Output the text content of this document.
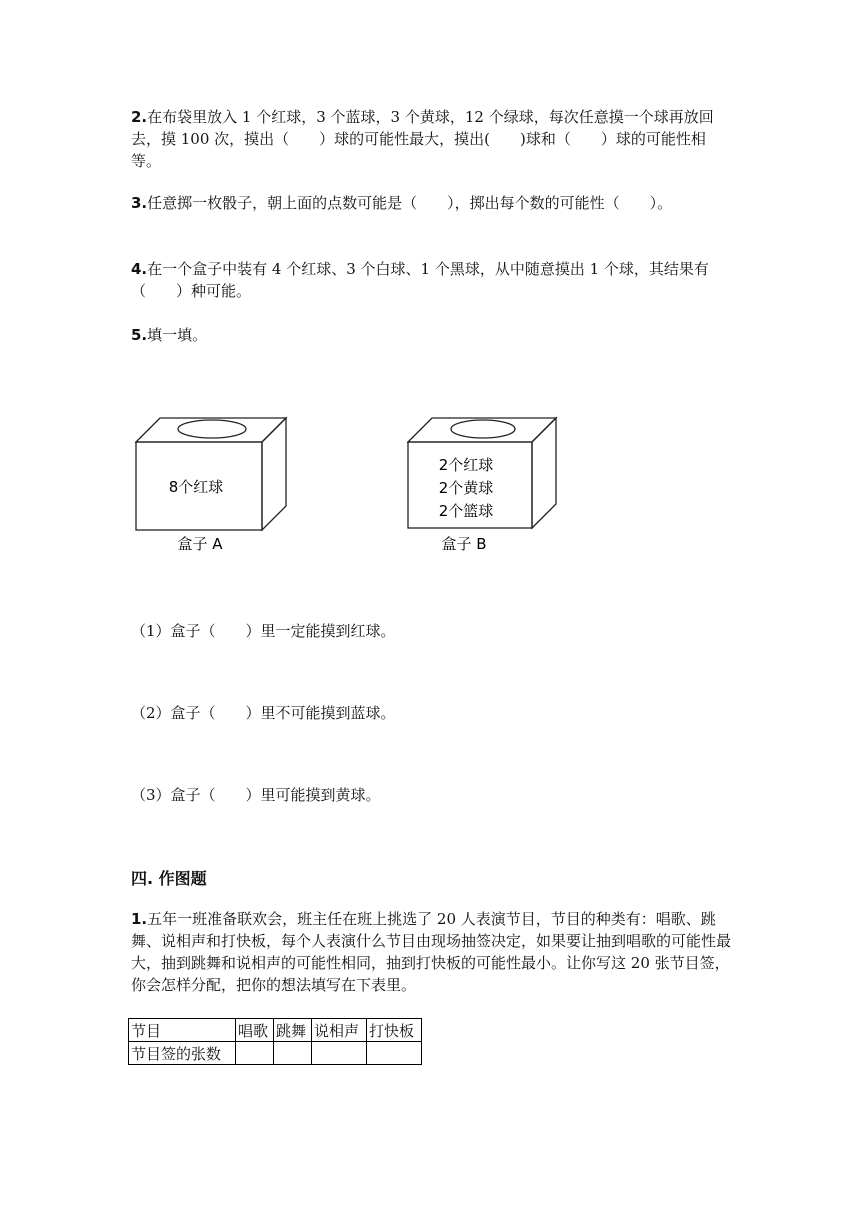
2.在布袋里放入 1 个红球，3 个蓝球，3 个黄球，12 个绿球，每次任意摸一个球再放回去，摸 100 次，摸出（　　）球的可能性最大，摸出(　　)球和（　　）球的可能性相等。

3.任意掷一枚骰子，朝上面的点数可能是（　　），掷出每个数的可能性（　　）。

4.在一个盒子中装有 4 个红球、3 个白球、1 个黑球，从中随意摸出 1 个球，其结果有（　　）种可能。

5.填一填。

8个红球
盒子 A
2个红球
2个黄球
2个篮球
盒子 B
（1）盒子（　　）里一定能摸到红球。
（2）盒子（　　）里不可能摸到蓝球。
（3）盒子（　　）里可能摸到黄球。
四. 作图题

1.五年一班准备联欢会，班主任在班上挑选了 20 人表演节目，节目的种类有：唱歌、跳舞、说相声和打快板，每个人表演什么节目由现场抽签决定，如果要让抽到唱歌的可能性最大，抽到跳舞和说相声的可能性相同，抽到打快板的可能性最小。让你写这 20 张节目签，你会怎样分配，把你的想法填写在下表里。

节目	唱歌	跳舞	说相声	打快板
节目签的张数				
